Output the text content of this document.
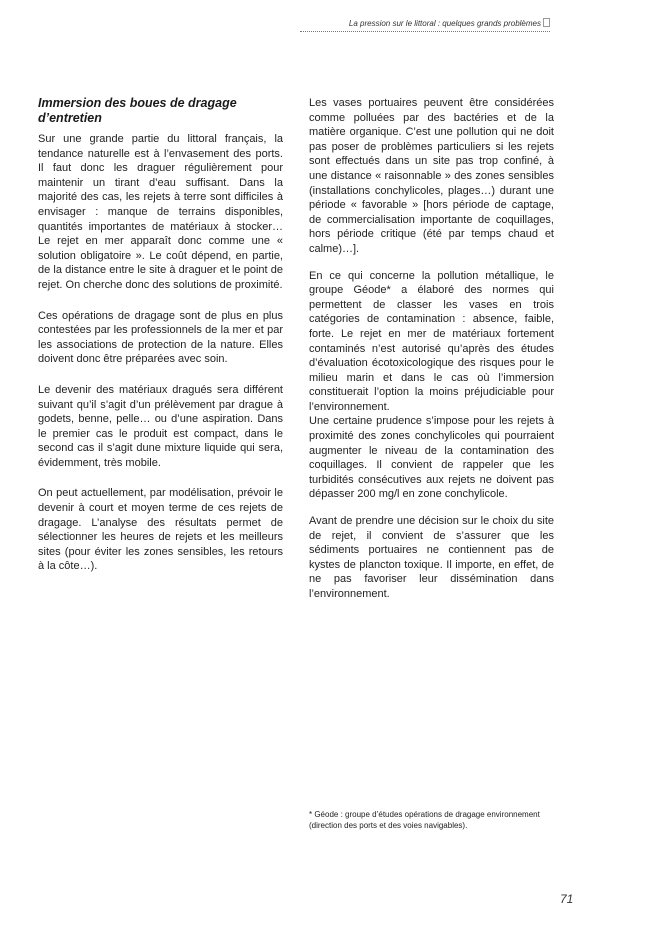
La pression sur le littoral : quelques grands problèmes
Immersion des boues de dragage d’entretien

Sur une grande partie du littoral français, la tendance naturelle est à l’envasement des ports. Il faut donc les draguer régulièrement pour maintenir un tirant d’eau suffisant. Dans la majorité des cas, les rejets à terre sont difficiles à envisager : manque de terrains disponibles, quantités importantes de matériaux à stocker… Le rejet en mer apparaît donc comme une « solution obligatoire ». Le coût dépend, en partie, de la distance entre le site à draguer et le point de rejet. On cherche donc des solutions de proximité.

Ces opérations de dragage sont de plus en plus contestées par les professionnels de la mer et par les associations de protection de la nature. Elles doivent donc être préparées avec soin.

Le devenir des matériaux dragués sera différent suivant qu’il s’agit d’un prélèvement par drague à godets, benne, pelle… ou d’une aspiration. Dans le premier cas le produit est compact, dans le second cas il s’agit dune mixture liquide qui sera, évidemment, très mobile.

On peut actuellement, par modélisation, prévoir le devenir à court et moyen terme de ces rejets de dragage. L’analyse des résultats permet de sélectionner les heures de rejets et les meilleurs sites (pour éviter les zones sensibles, les retours à la côte…).

Les vases portuaires peuvent être considérées comme polluées par des bactéries et de la matière organique. C’est une pollution qui ne doit pas poser de problèmes particuliers si les rejets sont effectués dans un site pas trop confiné, à une distance « raisonnable » des zones sensibles (installations conchylicoles, plages…) durant une période « favorable » [hors période de captage, de commercialisation importante de coquillages, hors période critique (été par temps chaud et calme)…].

En ce qui concerne la pollution métallique, le groupe Géode* a élaboré des normes qui permettent de classer les vases en trois catégories de contamination : absence, faible, forte. Le rejet en mer de matériaux fortement contaminés n’est autorisé qu’après des études d’évaluation écotoxicologique des risques pour le milieu marin et dans le cas où l’immersion constituerait l’option la moins préjudiciable pour l’environnement.

Une certaine prudence s’impose pour les rejets à proximité des zones conchylicoles qui pourraient augmenter le niveau de la contamination des coquillages. Il convient de rappeler que les turbidités consécutives aux rejets ne doivent pas dépasser 200 mg/l en zone conchylicole.

Avant de prendre une décision sur le choix du site de rejet, il convient de s’assurer que les sédiments portuaires ne contiennent pas de kystes de plancton toxique. Il importe, en effet, de ne pas favoriser leur dissémination dans l’environnement.

* Géode : groupe d’études opérations de dragage environnement (direction des ports et des voies navigables).
71
